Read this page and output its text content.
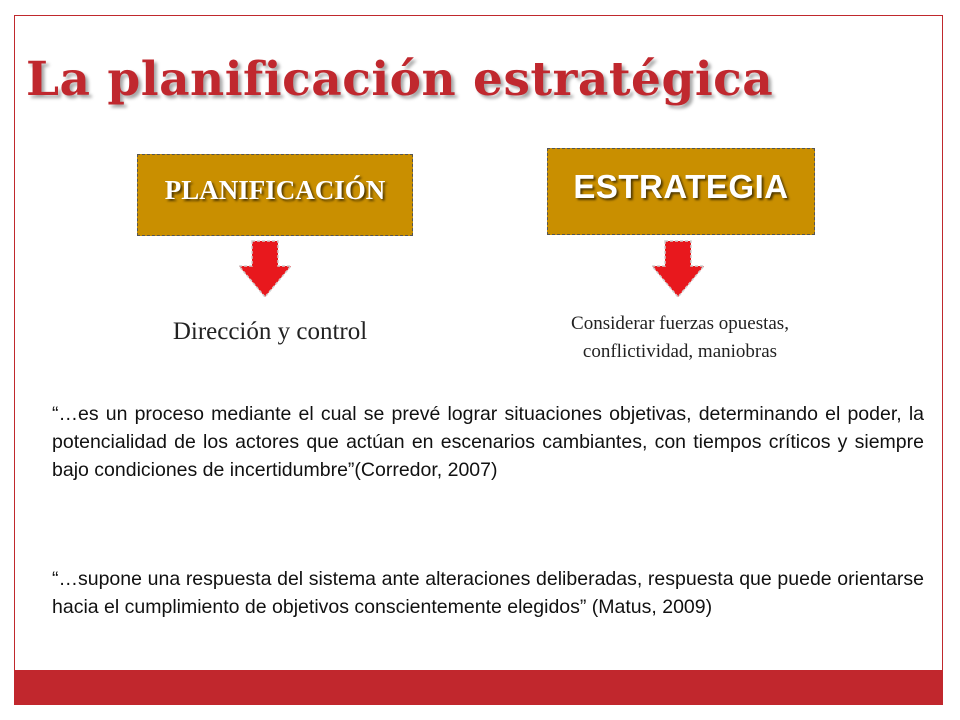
La planificación estratégica
PLANIFICACIÓN	ESTRATEGIA

Dirección y control	Considerar fuerzas opuestas,
conflictividad, maniobras

“…es un proceso mediante el cual se prevé lograr situaciones objetivas, determinando el poder, la potencialidad de los actores que actúan en escenarios cambiantes, con tiempos críticos y siempre bajo condiciones de incertidumbre”(Corredor, 2007)

“…supone una respuesta del sistema ante alteraciones deliberadas, respuesta que puede orientarse hacia el cumplimiento de objetivos conscientemente elegidos” (Matus, 2009)
